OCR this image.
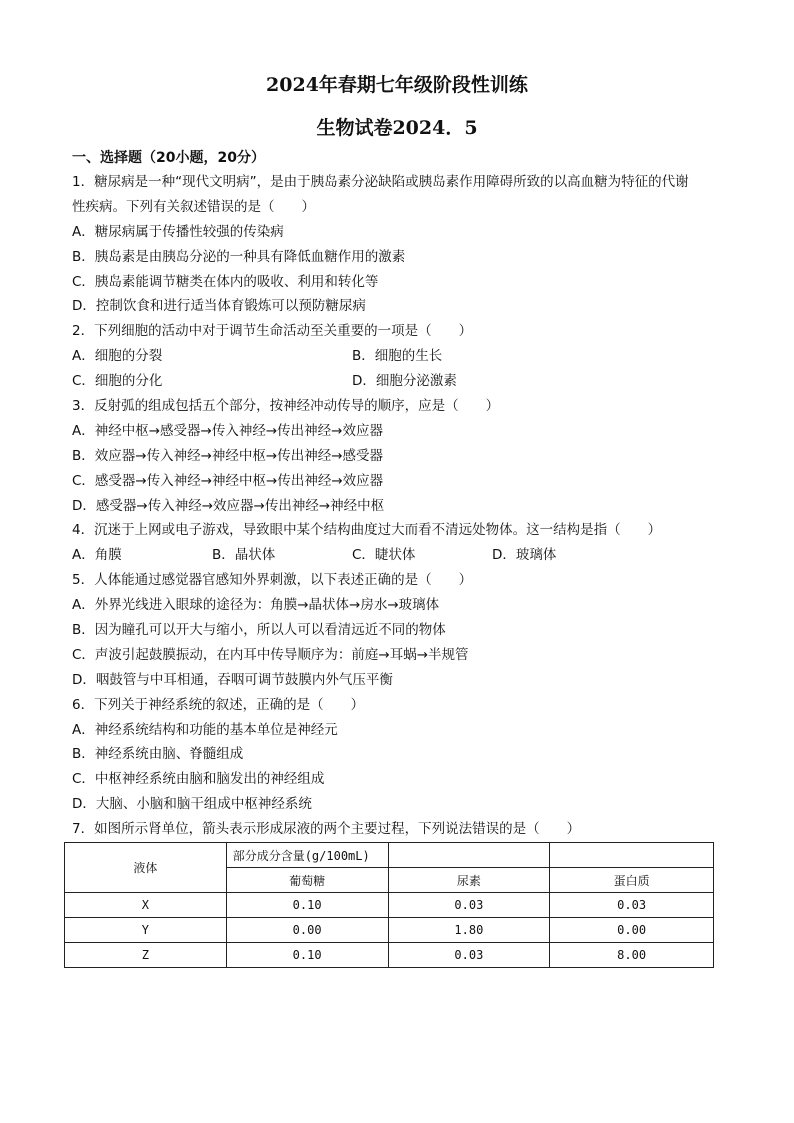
2024年春期七年级阶段性训练
生物试卷2024．5
一、选择题（20小题，20分）
1．糖尿病是一种“现代文明病”，是由于胰岛素分泌缺陷或胰岛素作用障碍所致的以高血糖为特征的代谢
性疾病。下列有关叙述错误的是（　　）
A．糖尿病属于传播性较强的传染病
B．胰岛素是由胰岛分泌的一种具有降低血糖作用的激素
C．胰岛素能调节糖类在体内的吸收、利用和转化等
D．控制饮食和进行适当体育锻炼可以预防糖尿病
2．下列细胞的活动中对于调节生命活动至关重要的一项是（　　）
A．细胞的分裂	B．细胞的生长
C．细胞的分化	D．细胞分泌激素
3．反射弧的组成包括五个部分，按神经冲动传导的顺序，应是（　　）
A．神经中枢→感受器→传入神经→传出神经→效应器
B．效应器→传入神经→神经中枢→传出神经→感受器
C．感受器→传入神经→神经中枢→传出神经→效应器
D．感受器→传入神经→效应器→传出神经→神经中枢
4．沉迷于上网或电子游戏，导致眼中某个结构曲度过大而看不清远处物体。这一结构是指（　　）
A．角膜	B．晶状体	C．睫状体	D．玻璃体
5．人体能通过感觉器官感知外界刺激，以下表述正确的是（　　）
A．外界光线进入眼球的途径为：角膜→晶状体→房水→玻璃体
B．因为瞳孔可以开大与缩小，所以人可以看清远近不同的物体
C．声波引起鼓膜振动，在内耳中传导顺序为：前庭→耳蜗→半规管
D．咽鼓管与中耳相通，吞咽可调节鼓膜内外气压平衡
6．下列关于神经系统的叙述，正确的是（　　）
A．神经系统结构和功能的基本单位是神经元
B．神经系统由脑、脊髓组成
C．中枢神经系统由脑和脑发出的神经组成
D．大脑、小脑和脑干组成中枢神经系统
7．如图所示肾单位，箭头表示形成尿液的两个主要过程，下列说法错误的是（　　）
液体	部分成分含量(g/100mL)		
	葡萄糖	尿素	蛋白质
X	0.10	0.03	0.03
Y	0.00	1.80	0.00
Z	0.10	0.03	8.00
